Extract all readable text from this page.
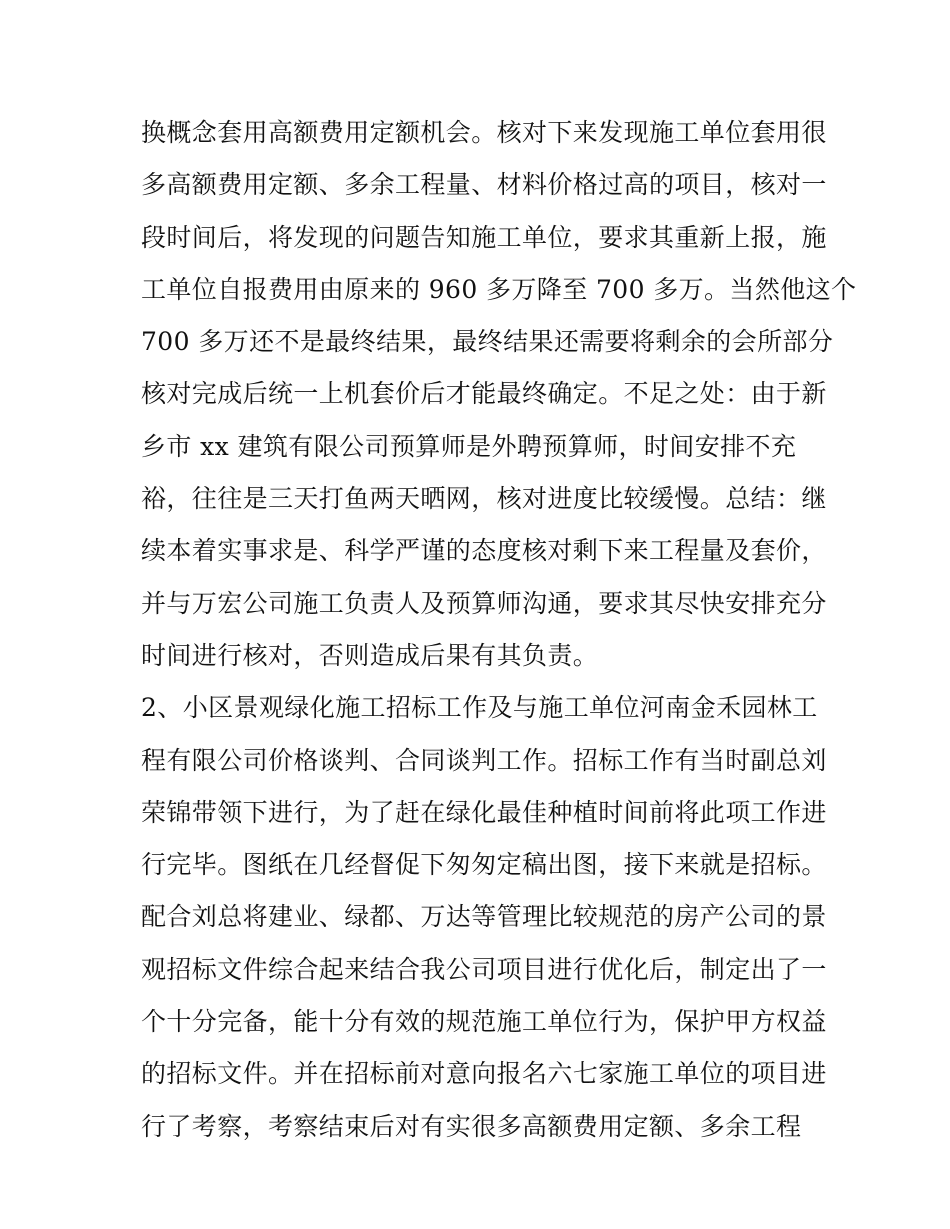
换概念套用高额费用定额机会。核对下来发现施工单位套用很
多高额费用定额、多余工程量、材料价格过高的项目，核对一
段时间后，将发现的问题告知施工单位，要求其重新上报，施
工单位自报费用由原来的 960 多万降至 700 多万。当然他这个
700 多万还不是最终结果，最终结果还需要将剩余的会所部分
核对完成后统一上机套价后才能最终确定。不足之处：由于新
乡市 xx 建筑有限公司预算师是外聘预算师，时间安排不充
裕，往往是三天打鱼两天晒网，核对进度比较缓慢。总结：继
续本着实事求是、科学严谨的态度核对剩下来工程量及套价，
并与万宏公司施工负责人及预算师沟通，要求其尽快安排充分
时间进行核对，否则造成后果有其负责。
2、小区景观绿化施工招标工作及与施工单位河南金禾园林工
程有限公司价格谈判、合同谈判工作。招标工作有当时副总刘
荣锦带领下进行，为了赶在绿化最佳种植时间前将此项工作进
行完毕。图纸在几经督促下匆匆定稿出图，接下来就是招标。
配合刘总将建业、绿都、万达等管理比较规范的房产公司的景
观招标文件综合起来结合我公司项目进行优化后，制定出了一
个十分完备，能十分有效的规范施工单位行为，保护甲方权益
的招标文件。并在招标前对意向报名六七家施工单位的项目进
行了考察，考察结束后对有实很多高额费用定额、多余工程
